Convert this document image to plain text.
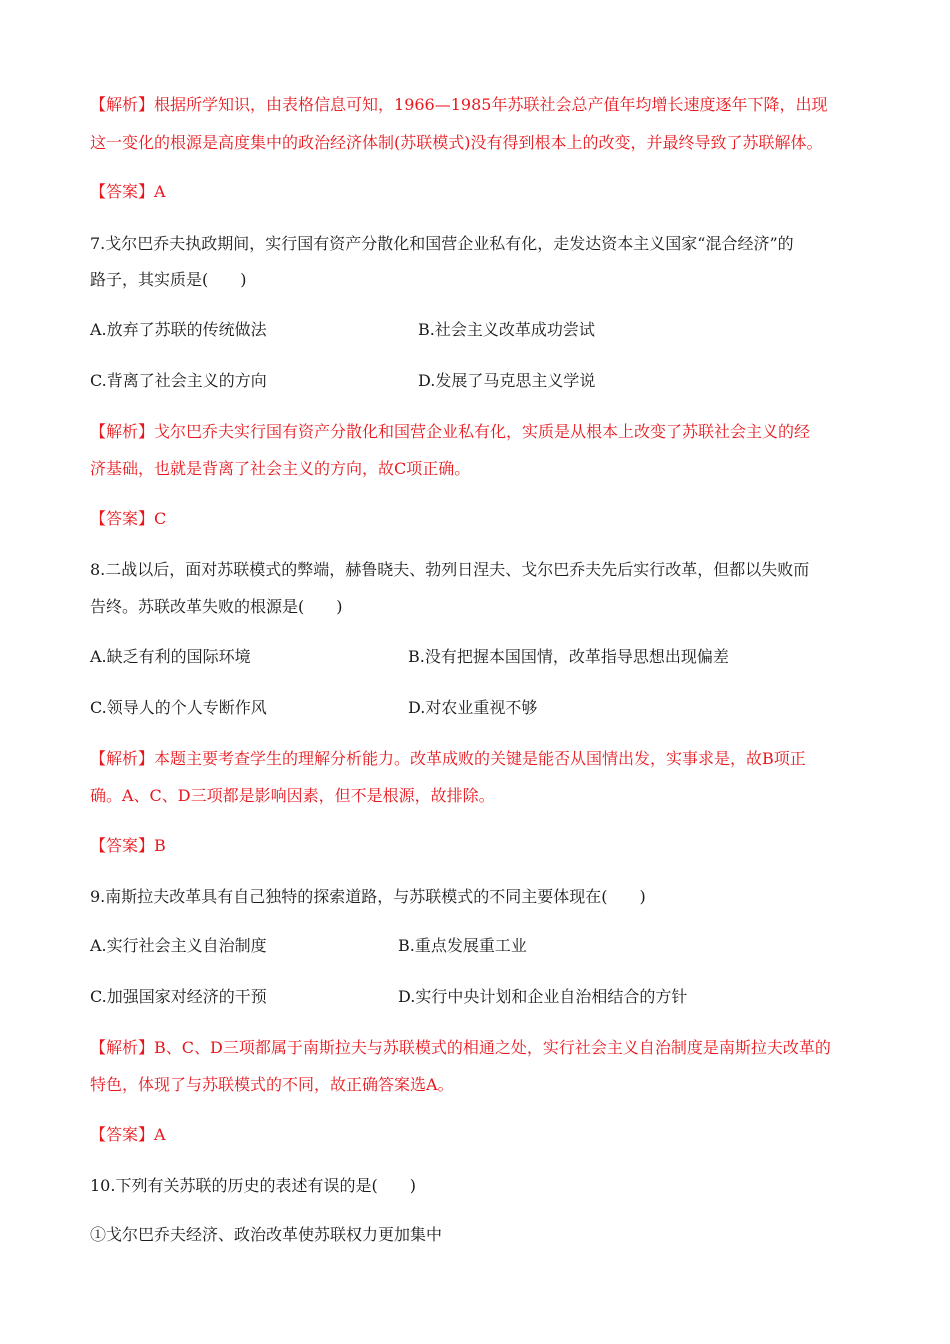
【解析】根据所学知识，由表格信息可知，1966—1985年苏联社会总产值年均增长速度逐年下降，出现
这一变化的根源是高度集中的政治经济体制(苏联模式)没有得到根本上的改变，并最终导致了苏联解体。
【答案】A
7.戈尔巴乔夫执政期间，实行国有资产分散化和国营企业私有化，走发达资本主义国家“混合经济”的
路子，其实质是(　　)
A.放弃了苏联的传统做法	B.社会主义改革成功尝试
C.背离了社会主义的方向	D.发展了马克思主义学说
【解析】戈尔巴乔夫实行国有资产分散化和国营企业私有化，实质是从根本上改变了苏联社会主义的经
济基础，也就是背离了社会主义的方向，故C项正确。
【答案】C
8.二战以后，面对苏联模式的弊端，赫鲁晓夫、勃列日涅夫、戈尔巴乔夫先后实行改革，但都以失败而
告终。苏联改革失败的根源是(　　)
A.缺乏有利的国际环境	B.没有把握本国国情，改革指导思想出现偏差
C.领导人的个人专断作风	D.对农业重视不够
【解析】本题主要考查学生的理解分析能力。改革成败的关键是能否从国情出发，实事求是，故B项正
确。A、C、D三项都是影响因素，但不是根源，故排除。
【答案】B
9.南斯拉夫改革具有自己独特的探索道路，与苏联模式的不同主要体现在(　　)
A.实行社会主义自治制度	B.重点发展重工业
C.加强国家对经济的干预	D.实行中央计划和企业自治相结合的方针
【解析】B、C、D三项都属于南斯拉夫与苏联模式的相通之处，实行社会主义自治制度是南斯拉夫改革的
特色，体现了与苏联模式的不同，故正确答案选A。
【答案】A
10.下列有关苏联的历史的表述有误的是(　　)
①戈尔巴乔夫经济、政治改革使苏联权力更加集中
